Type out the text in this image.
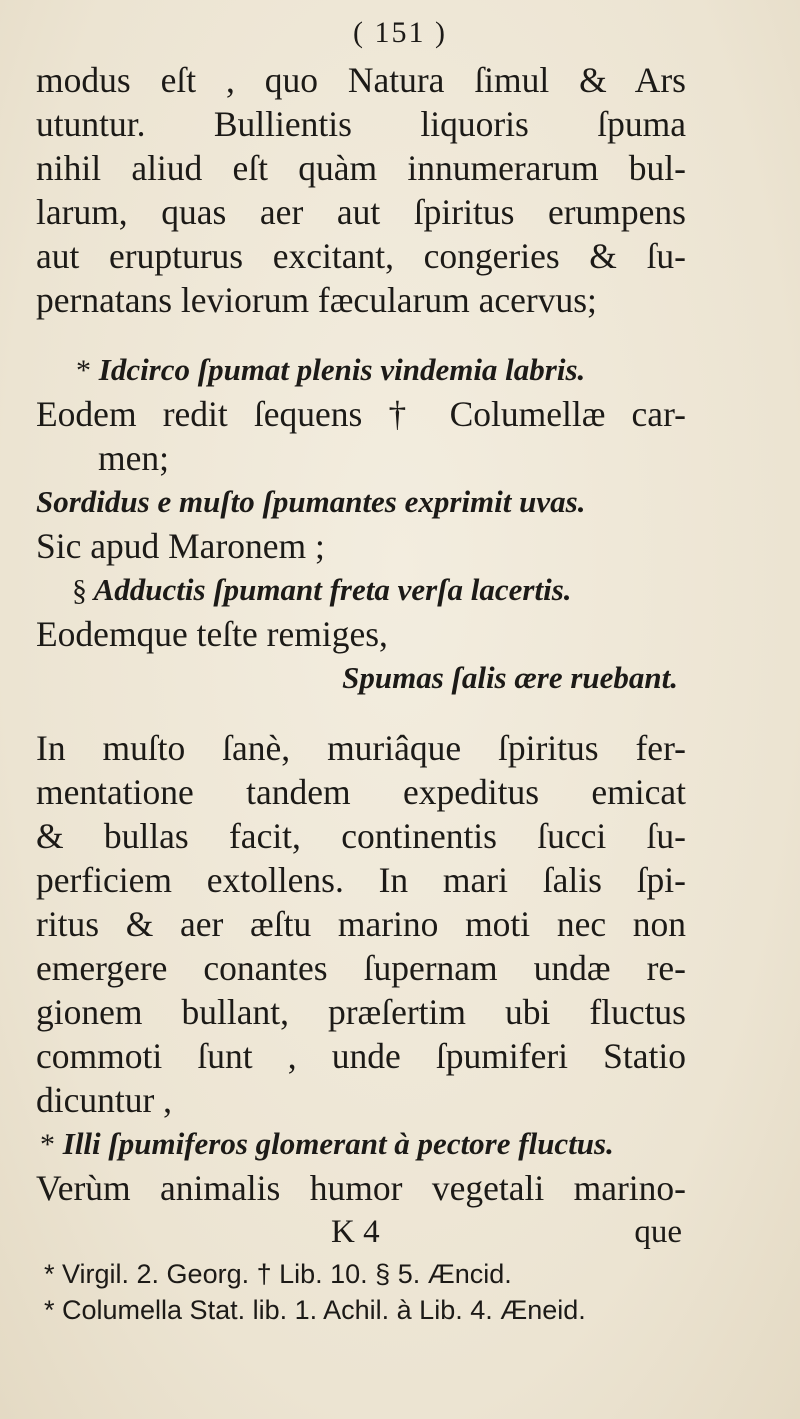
( 151 )
modus eſt , quo Natura ſimul & Ars
utuntur. Bullientis liquoris ſpuma
nihil aliud eſt quàm innumerarum bul-
larum, quas aer aut ſpiritus erumpens
aut erupturus excitant, congeries & ſu-
pernatans leviorum fæcularum acervus;
* Idcirco ſpumat plenis vindemia labris.
Eodem redit ſequens † Columellæ car-
men;
Sordidus e muſto ſpumantes exprimit uvas.
Sic apud Maronem ;
§ Adductis ſpumant freta verſa lacertis.
Eodemque teſte remiges,
Spumas ſalis ære ruebant.
In muſto ſanè, muriâque ſpiritus fer-
mentatione tandem expeditus emicat
& bullas facit, continentis ſucci ſu-
perficiem extollens. In mari ſalis ſpi-
ritus & aer æſtu marino moti nec non
emergere conantes ſupernam undæ re-
gionem bullant, præſertim ubi fluctus
commoti ſunt , unde ſpumiferi Statio
dicuntur ,
* Illi ſpumiferos glomerant à pectore fluctus.
Verùm animalis humor vegetali marino-
K 4	que
* Virgil. 2. Georg. † Lib. 10. § 5. Æncid.
* Columella Stat. lib. 1. Achil. à Lib. 4. Æneid.
